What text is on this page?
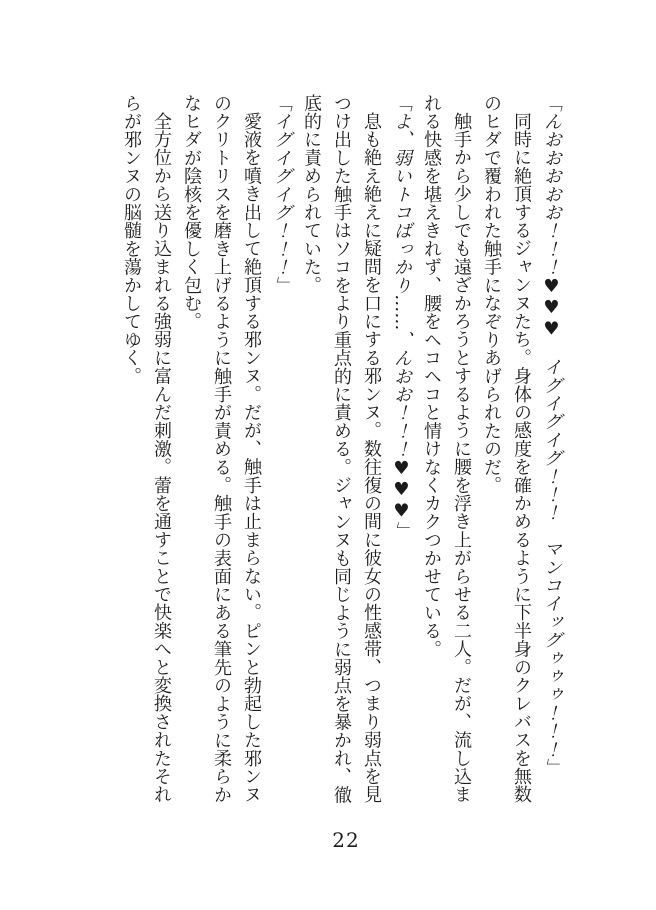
「んおおおおお！！！♥♥♥　イグイグイグ！！！　マンコイッグゥゥゥ！！！」

同時に絶頂するジャンヌたち。身体の感度を確かめるように下半身のクレバスを無数のヒダで覆われた触手になぞりあげられたのだ。

触手から少しでも遠ざかろうとするように腰を浮き上がらせる二人。だが、流し込まれる快感を堪えきれず、腰をヘコヘコと情けなくカクつかせている。

「よ、弱いトコばっかり……、んおお！！！♥♥♥」

息も絶え絶えに疑問を口にする邪ンヌ。数往復の間に彼女の性感帯、つまり弱点を見つけ出した触手はソコをより重点的に責める。ジャンヌも同じように弱点を暴かれ、徹底的に責められていた。

「イグイグイグ！！！」

愛液を噴き出して絶頂する邪ンヌ。だが、触手は止まらない。ピンと勃起した邪ンヌのクリトリスを磨き上げるように触手が責める。触手の表面にある筆先のように柔らかなヒダが陰核を優しく包む。

全方位から送り込まれる強弱に富んだ刺激。蕾を通すことで快楽へと変換されたそれらが邪ンヌの脳髄を蕩かしてゆく。

22
